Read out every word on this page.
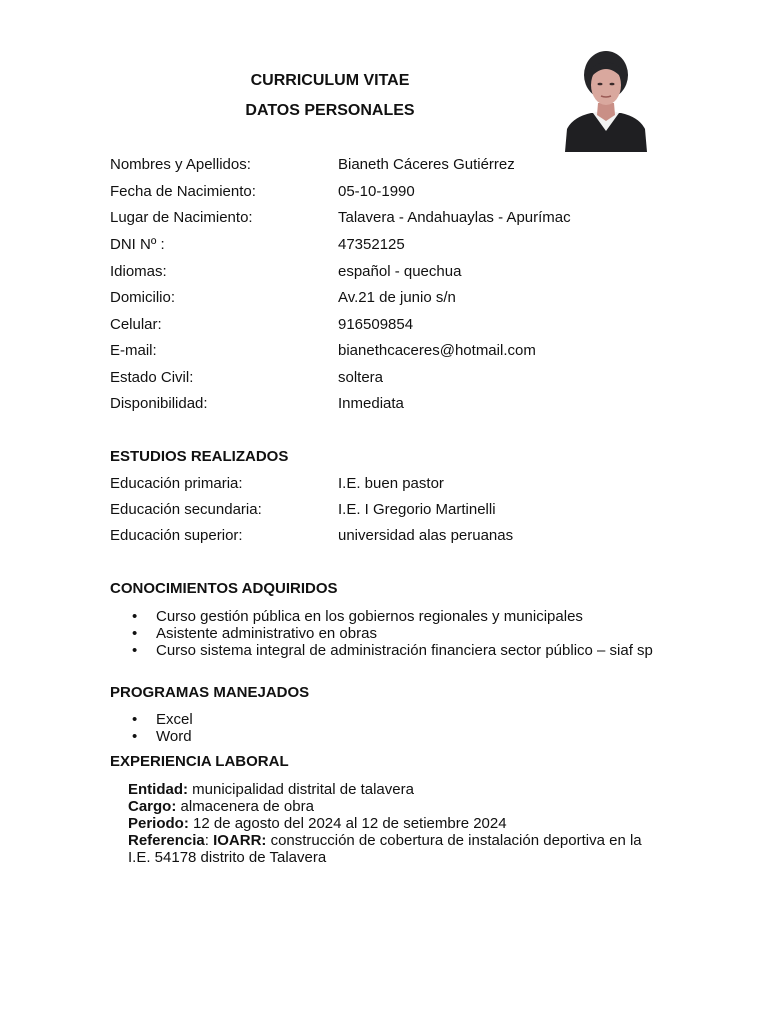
CURRICULUM VITAE
DATOS PERSONALES
Nombres y Apellidos:	Bianeth Cáceres Gutiérrez
Fecha de Nacimiento:	05-10-1990
Lugar de Nacimiento:	Talavera - Andahuaylas - Apurímac
DNI Nº :	47352125
Idiomas:	español - quechua
Domicilio:	Av.21 de junio s/n
Celular:	916509854
E-mail:	bianethcaceres@hotmail.com
Estado Civil:	soltera
Disponibilidad:	Inmediata
ESTUDIOS REALIZADOS
Educación primaria:	I.E. buen pastor
Educación secundaria:	I.E. I Gregorio Martinelli
Educación superior:	universidad alas peruanas
CONOCIMIENTOS ADQUIRIDOS
• Curso gestión pública en los gobiernos regionales y municipales
• Asistente administrativo en obras
• Curso sistema integral de administración financiera sector público – siaf sp
PROGRAMAS MANEJADOS
• Excel
• Word
EXPERIENCIA LABORAL
Entidad: municipalidad distrital de talavera
Cargo: almacenera de obra
Periodo: 12 de agosto del 2024 al 12 de setiembre 2024
Referencia: IOARR: construcción de cobertura de instalación deportiva en la I.E. 54178 distrito de Talavera
